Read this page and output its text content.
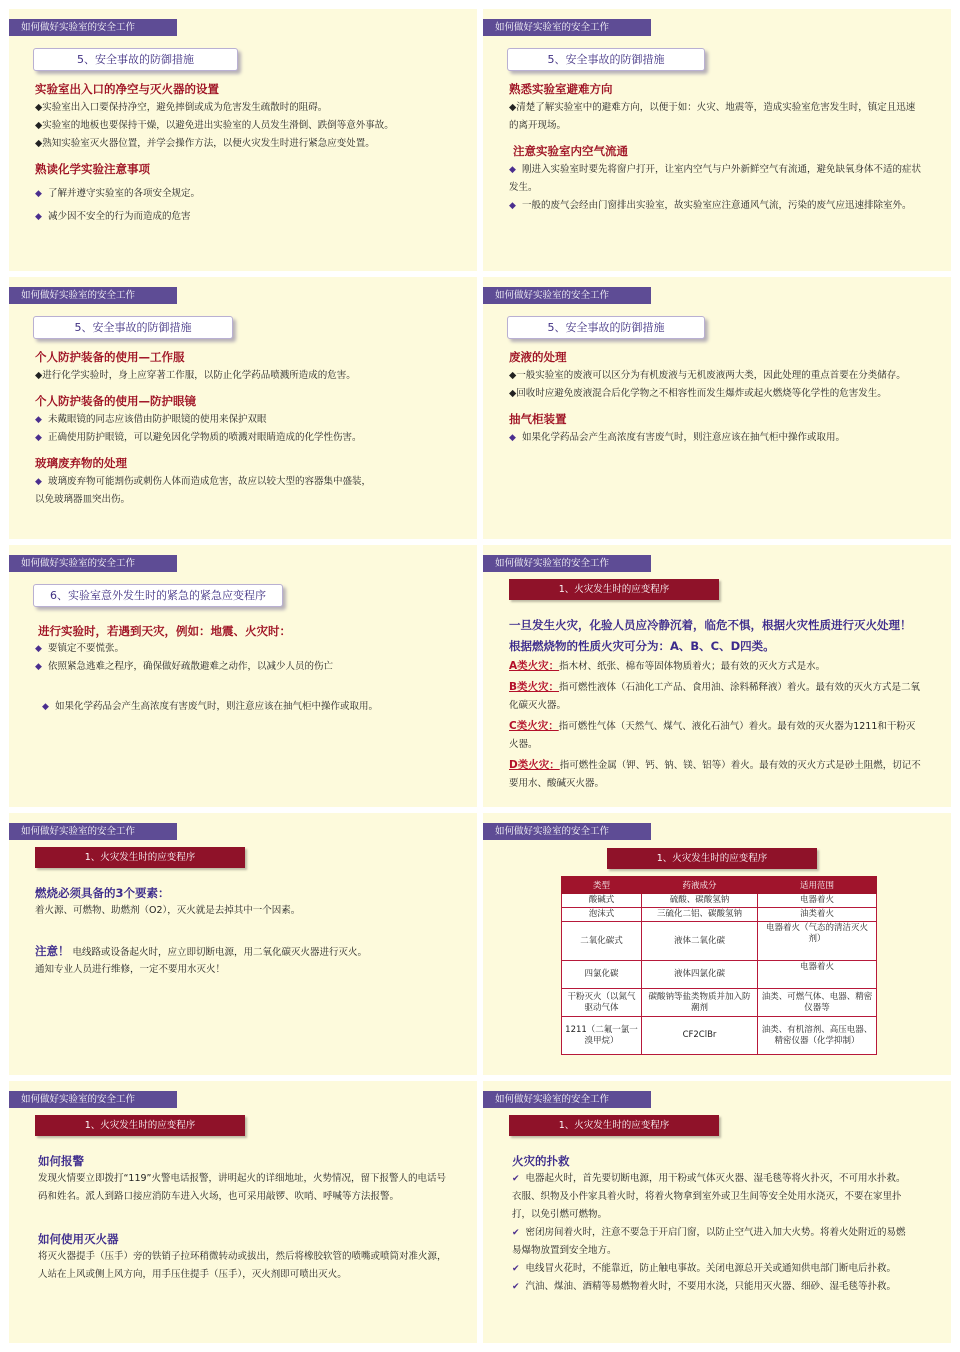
如何做好实验室的安全工作
5、安全事故的防御措施
实验室出入口的净空与灭火器的设置
◆实验室出入口要保持净空，避免摔倒或成为危害发生疏散时的阻碍。
◆实验室的地板也要保持干燥，以避免进出实验室的人员发生滑倒、跌倒等意外事故。
◆熟知实验室灭火器位置，并学会操作方法，以便火灾发生时进行紧急应变处置。
熟读化学实验注意事项
◆ 了解并遵守实验室的各项安全规定。
◆ 减少因不安全的行为而造成的危害
如何做好实验室的安全工作
5、安全事故的防御措施
熟悉实验室避难方向
◆清楚了解实验室中的避难方向，以便于如：火灾、地震等，造成实验室危害发生时，镇定且迅速的离开现场。
注意实验室内空气流通
◆ 刚进入实验室时要先将窗户打开，让室内空气与户外新鲜空气有流通，避免缺氧身体不适的症状发生。
◆ 一般的废气会经由门窗排出实验室，故实验室应注意通风气流，污染的废气应迅速排除室外。
如何做好实验室的安全工作
5、安全事故的防御措施
个人防护装备的使用—工作服
◆进行化学实验时，身上应穿著工作服，以防止化学药品喷溅所造成的危害。
个人防护装备的使用—防护眼镜
◆ 未戴眼镜的同志应该借由防护眼镜的使用来保护双眼
◆ 正确使用防护眼镜，可以避免因化学物质的喷溅对眼睛造成的化学性伤害。
玻璃废弃物的处理
◆ 玻璃废弃物可能割伤或刺伤人体而造成危害，故应以较大型的容器集中盛装，以免玻璃器皿突出伤。
如何做好实验室的安全工作
5、安全事故的防御措施
废液的处理
◆一般实验室的废液可以区分为有机废液与无机废液两大类，因此处理的重点首要在分类储存。
◆回收时应避免废液混合后化学物之不相容性而发生爆炸或起火燃烧等化学性的危害发生。
抽气柜装置
◆ 如果化学药品会产生高浓度有害废气时，则注意应该在抽气柜中操作或取用。
如何做好实验室的安全工作
6、实验室意外发生时的紧急的紧急应变程序
进行实验时，若遇到天灾，例如：地震、火灾时：
◆ 要镇定不要慌张。
◆ 依照紧急逃难之程序，确保做好疏散避难之动作，以减少人员的伤亡
◆ 如果化学药品会产生高浓度有害废气时，则注意应该在抽气柜中操作或取用。
如何做好实验室的安全工作
1、火灾发生时的应变程序
一旦发生火灾，化验人员应冷静沉着，临危不惧，根据火灾性质进行灭火处理！
根据燃烧物的性质火灾可分为：A、B、C、D四类。
A类火灾：指木材、纸张、棉布等固体物质着火；最有效的灭火方式是水。
B类火灾：指可燃性液体（石油化工产品、食用油、涂料稀释液）着火。最有效的灭火方式是二氧化碳灭火器。
C类火灾：指可燃性气体（天然气、煤气、液化石油气）着火。最有效的灭火器为1211和干粉灭火器。
D类火灾：指可燃性金属（钾、钙、钠、镁、铝等）着火。最有效的灭火方式是砂土阻燃，切记不要用水、酸碱灭火器。
如何做好实验室的安全工作
1、火灾发生时的应变程序
燃烧必须具备的3个要素：
着火源、可燃物、助燃剂（O2），灭火就是去掉其中一个因素。
注意！ 电线路或设备起火时，应立即切断电源，用二氧化碳灭火器进行灭火。
通知专业人员进行维修，一定不要用水灭火！
如何做好实验室的安全工作
1、火灾发生时的应变程序
类型	药液成分	适用范围
酸碱式	硫酸、碳酸氢钠	电器着火
泡沫式	三硫化二铝、碳酸氢钠	油类着火
二氧化碳式	液体二氧化碳	电器着火（气态的清洁灭火剂）
四氯化碳	液体四氯化碳	电器着火
干粉灭火（以氮气驱动气体	碳酸钠等盐类物质并加入防潮剂	油类、可燃气体、电器、精密仪器等
1211（二氟一氯一溴甲烷）	CF2ClBr	油类、有机溶剂、高压电器、精密仪器（化学抑制）
如何做好实验室的安全工作
1、火灾发生时的应变程序
如何报警
发现火情要立即拨打“119”火警电话报警，讲明起火的详细地址，火势情况，留下报警人的电话号码和姓名。派人到路口接应消防车进入火场，也可采用敲锣、吹哨、呼喊等方法报警。
如何使用灭火器
将灭火器提手（压手）旁的铁销子拉环稍微转动或拔出，然后将橡胶软管的喷嘴或喷筒对准火源，人站在上风或侧上风方向，用手压住提手（压手），灭火剂即可喷出灭火。
如何做好实验室的安全工作
1、火灾发生时的应变程序
火灾的扑救
✔ 电器起火时，首先要切断电源，用干粉或气体灭火器、湿毛毯等将火扑灭，不可用水扑救。衣服、织物及小件家具着火时，将着火物拿到室外或卫生间等安全处用水浇灭，不要在家里扑打，以免引燃可燃物。
✔ 密闭房间着火时，注意不要急于开启门窗，以防止空气进入加大火势。将着火处附近的易燃易爆物放置到安全地方。
✔ 电线冒火花时，不能靠近，防止触电事故。关闭电源总开关或通知供电部门断电后扑救。
✔ 汽油、煤油、酒精等易燃物着火时，不要用水浇，只能用灭火器、细砂、湿毛毯等扑救。
